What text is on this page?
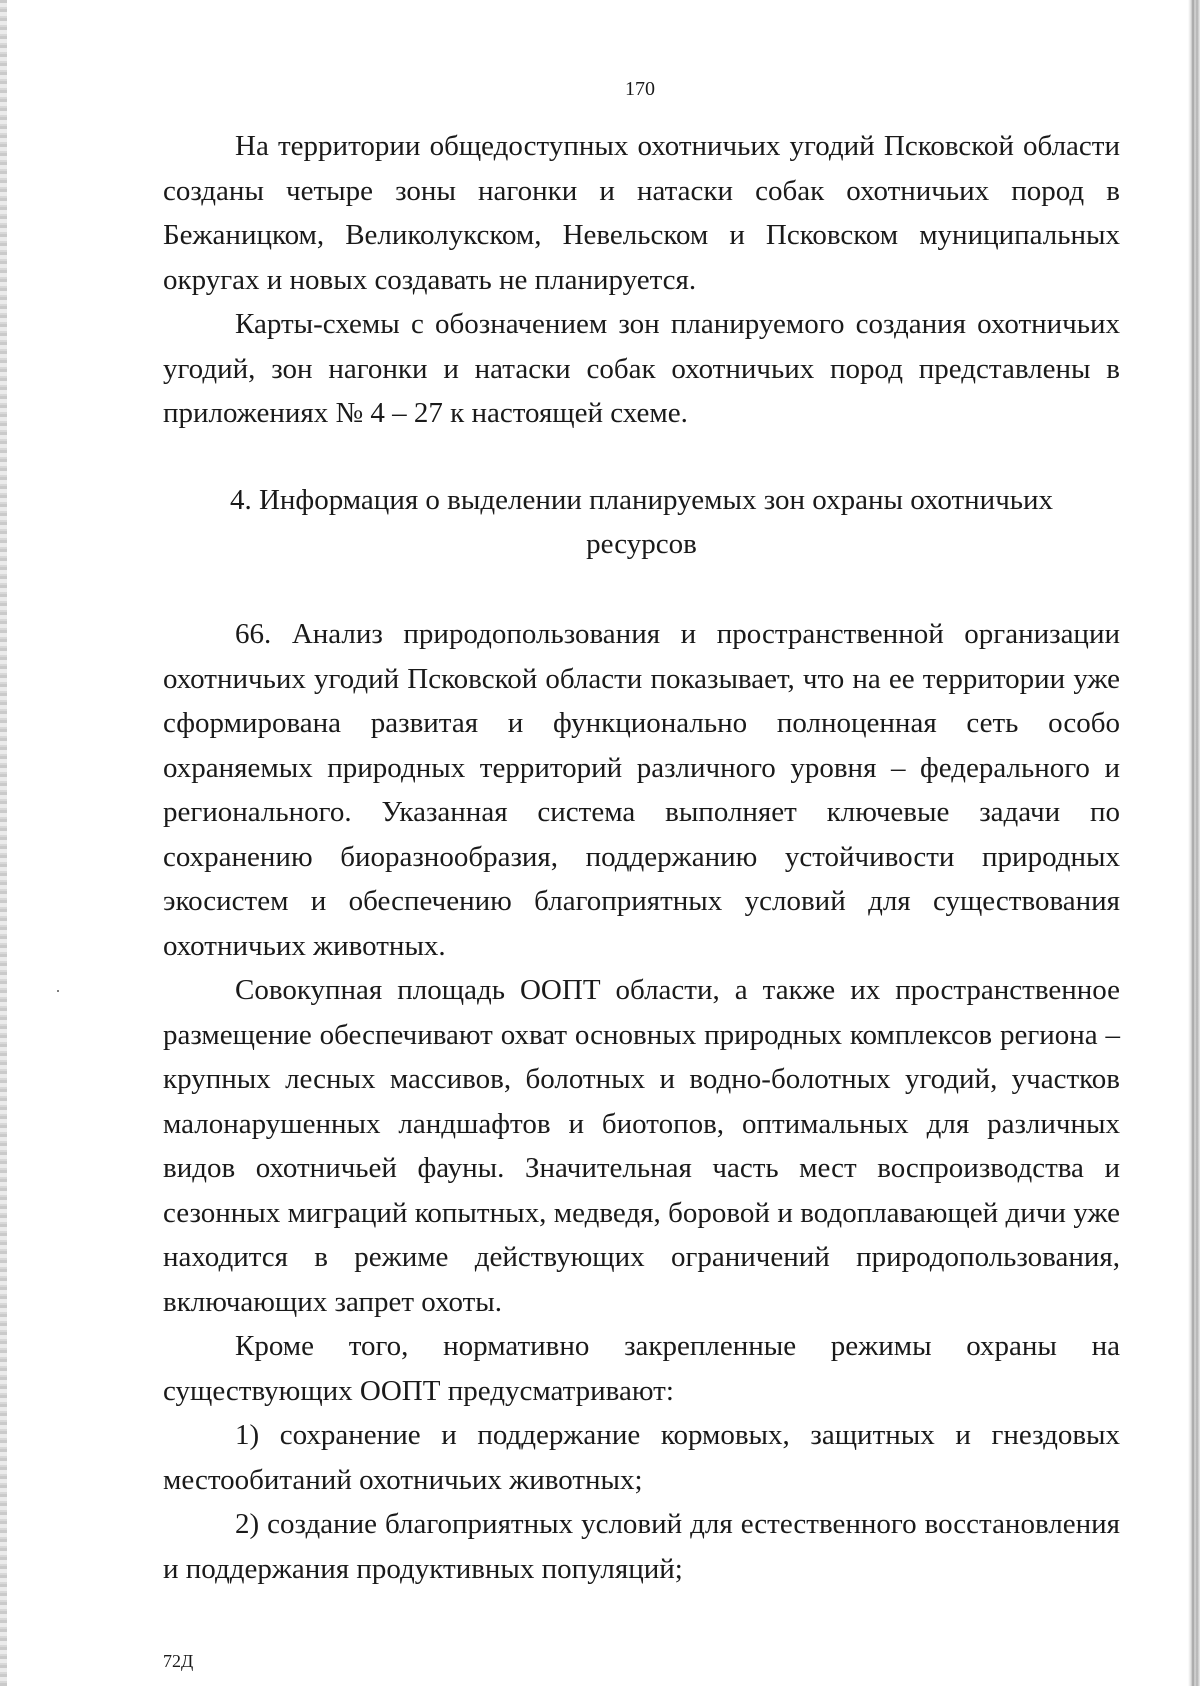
170

На территории общедоступных охотничьих угодий Псковской области созданы четыре зоны нагонки и натаски собак охотничьих пород в Бежаницком, Великолукском, Невельском и Псковском муниципальных округах и новых создавать не планируется.

Карты-схемы с обозначением зон планируемого создания охотничьих угодий, зон нагонки и натаски собак охотничьих пород представлены в приложениях № 4 – 27 к настоящей схеме.

4. Информация о выделении планируемых зон охраны охотничьих
ресурсов

66. Анализ природопользования и пространственной организации охотничьих угодий Псковской области показывает, что на ее территории уже сформирована развитая и функционально полноценная сеть особо охраняемых природных территорий различного уровня – федерального и регионального. Указанная система выполняет ключевые задачи по сохранению биоразнообразия, поддержанию устойчивости природных экосистем и обеспечению благоприятных условий для существования охотничьих животных.

Совокупная площадь ООПТ области, а также их пространственное размещение обеспечивают охват основных природных комплексов региона – крупных лесных массивов, болотных и водно-болотных угодий, участков малонарушенных ландшафтов и биотопов, оптимальных для различных видов охотничьей фауны. Значительная часть мест воспроизводства и сезонных миграций копытных, медведя, боровой и водоплавающей дичи уже находится в режиме действующих ограничений природопользования, включающих запрет охоты.

Кроме того, нормативно закрепленные режимы охраны на существующих ООПТ предусматривают:

1) сохранение и поддержание кормовых, защитных и гнездовых местообитаний охотничьих животных;

2) создание благоприятных условий для естественного восстановления и поддержания продуктивных популяций;

72Д
